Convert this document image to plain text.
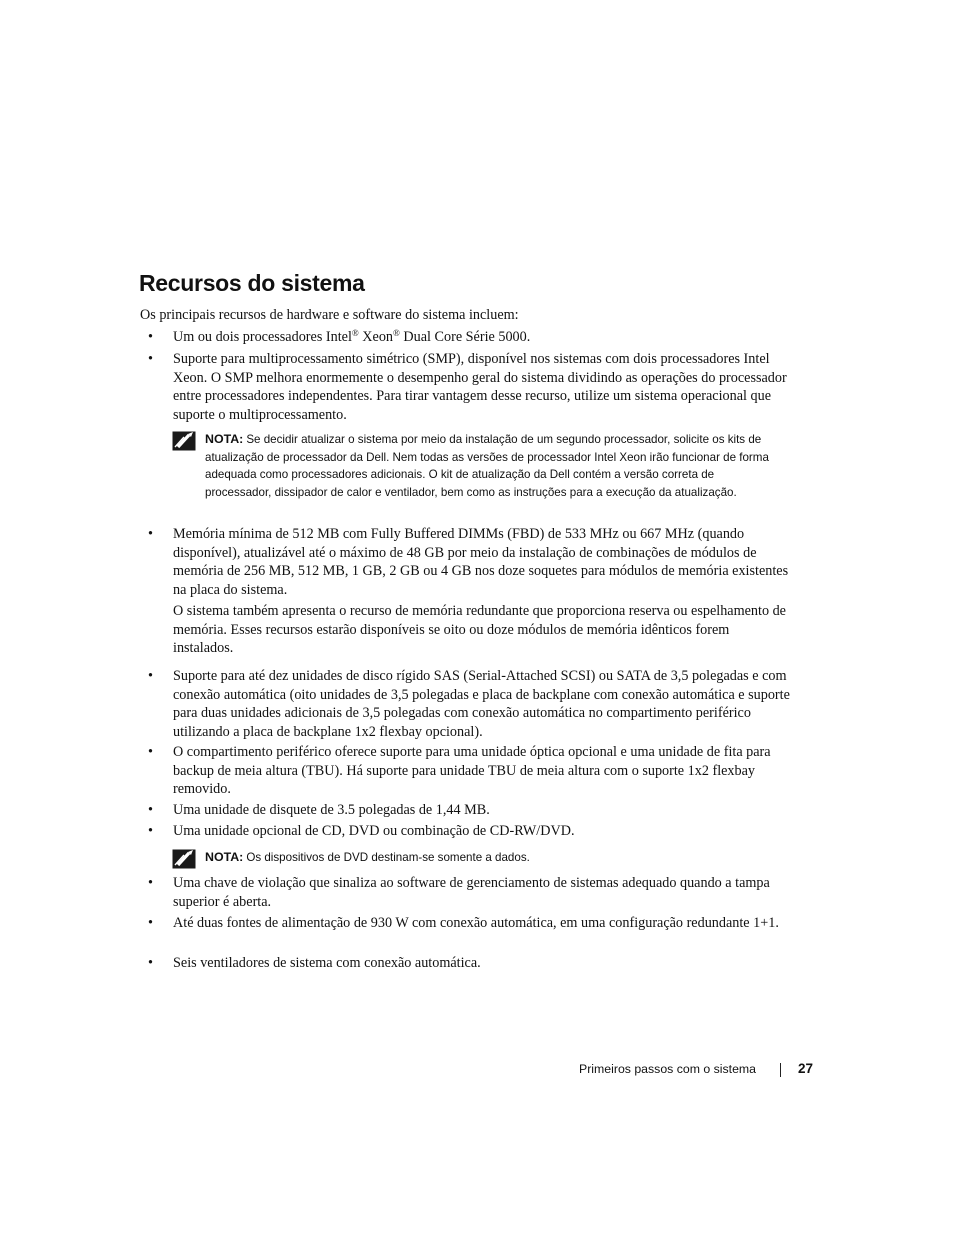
Recursos do sistema

Os principais recursos de hardware e software do sistema incluem:

• Um ou dois processadores Intel® Xeon® Dual Core Série 5000.

• Suporte para multiprocessamento simétrico (SMP), disponível nos sistemas com dois processadores Intel Xeon. O SMP melhora enormemente o desempenho geral do sistema dividindo as operações do processador entre processadores independentes. Para tirar vantagem desse recurso, utilize um sistema operacional que suporte o multiprocessamento.

NOTA: Se decidir atualizar o sistema por meio da instalação de um segundo processador, solicite os kits de atualização de processador da Dell. Nem todas as versões de processador Intel Xeon irão funcionar de forma adequada como processadores adicionais. O kit de atualização da Dell contém a versão correta de processador, dissipador de calor e ventilador, bem como as instruções para a execução da atualização.

• Memória mínima de 512 MB com Fully Buffered DIMMs (FBD) de 533 MHz ou 667 MHz (quando disponível), atualizável até o máximo de 48 GB por meio da instalação de combinações de módulos de memória de 256 MB, 512 MB, 1 GB, 2 GB ou 4 GB nos doze soquetes para módulos de memória existentes na placa do sistema.

O sistema também apresenta o recurso de memória redundante que proporciona reserva ou espelhamento de memória. Esses recursos estarão disponíveis se oito ou doze módulos de memória idênticos forem instalados.

• Suporte para até dez unidades de disco rígido SAS (Serial-Attached SCSI) ou SATA de 3,5 polegadas e com conexão automática (oito unidades de 3,5 polegadas e placa de backplane com conexão automática e suporte para duas unidades adicionais de 3,5 polegadas com conexão automática no compartimento periférico utilizando a placa de backplane 1x2 flexbay opcional).

• O compartimento periférico oferece suporte para uma unidade óptica opcional e uma unidade de fita para backup de meia altura (TBU). Há suporte para unidade TBU de meia altura com o suporte 1x2 flexbay removido.

• Uma unidade de disquete de 3.5 polegadas de 1,44 MB.

• Uma unidade opcional de CD, DVD ou combinação de CD-RW/DVD.

NOTA: Os dispositivos de DVD destinam-se somente a dados.

• Uma chave de violação que sinaliza ao software de gerenciamento de sistemas adequado quando a tampa superior é aberta.

• Até duas fontes de alimentação de 930 W com conexão automática, em uma configuração redundante 1+1.

• Seis ventiladores de sistema com conexão automática.

Primeiros passos com o sistema	27
